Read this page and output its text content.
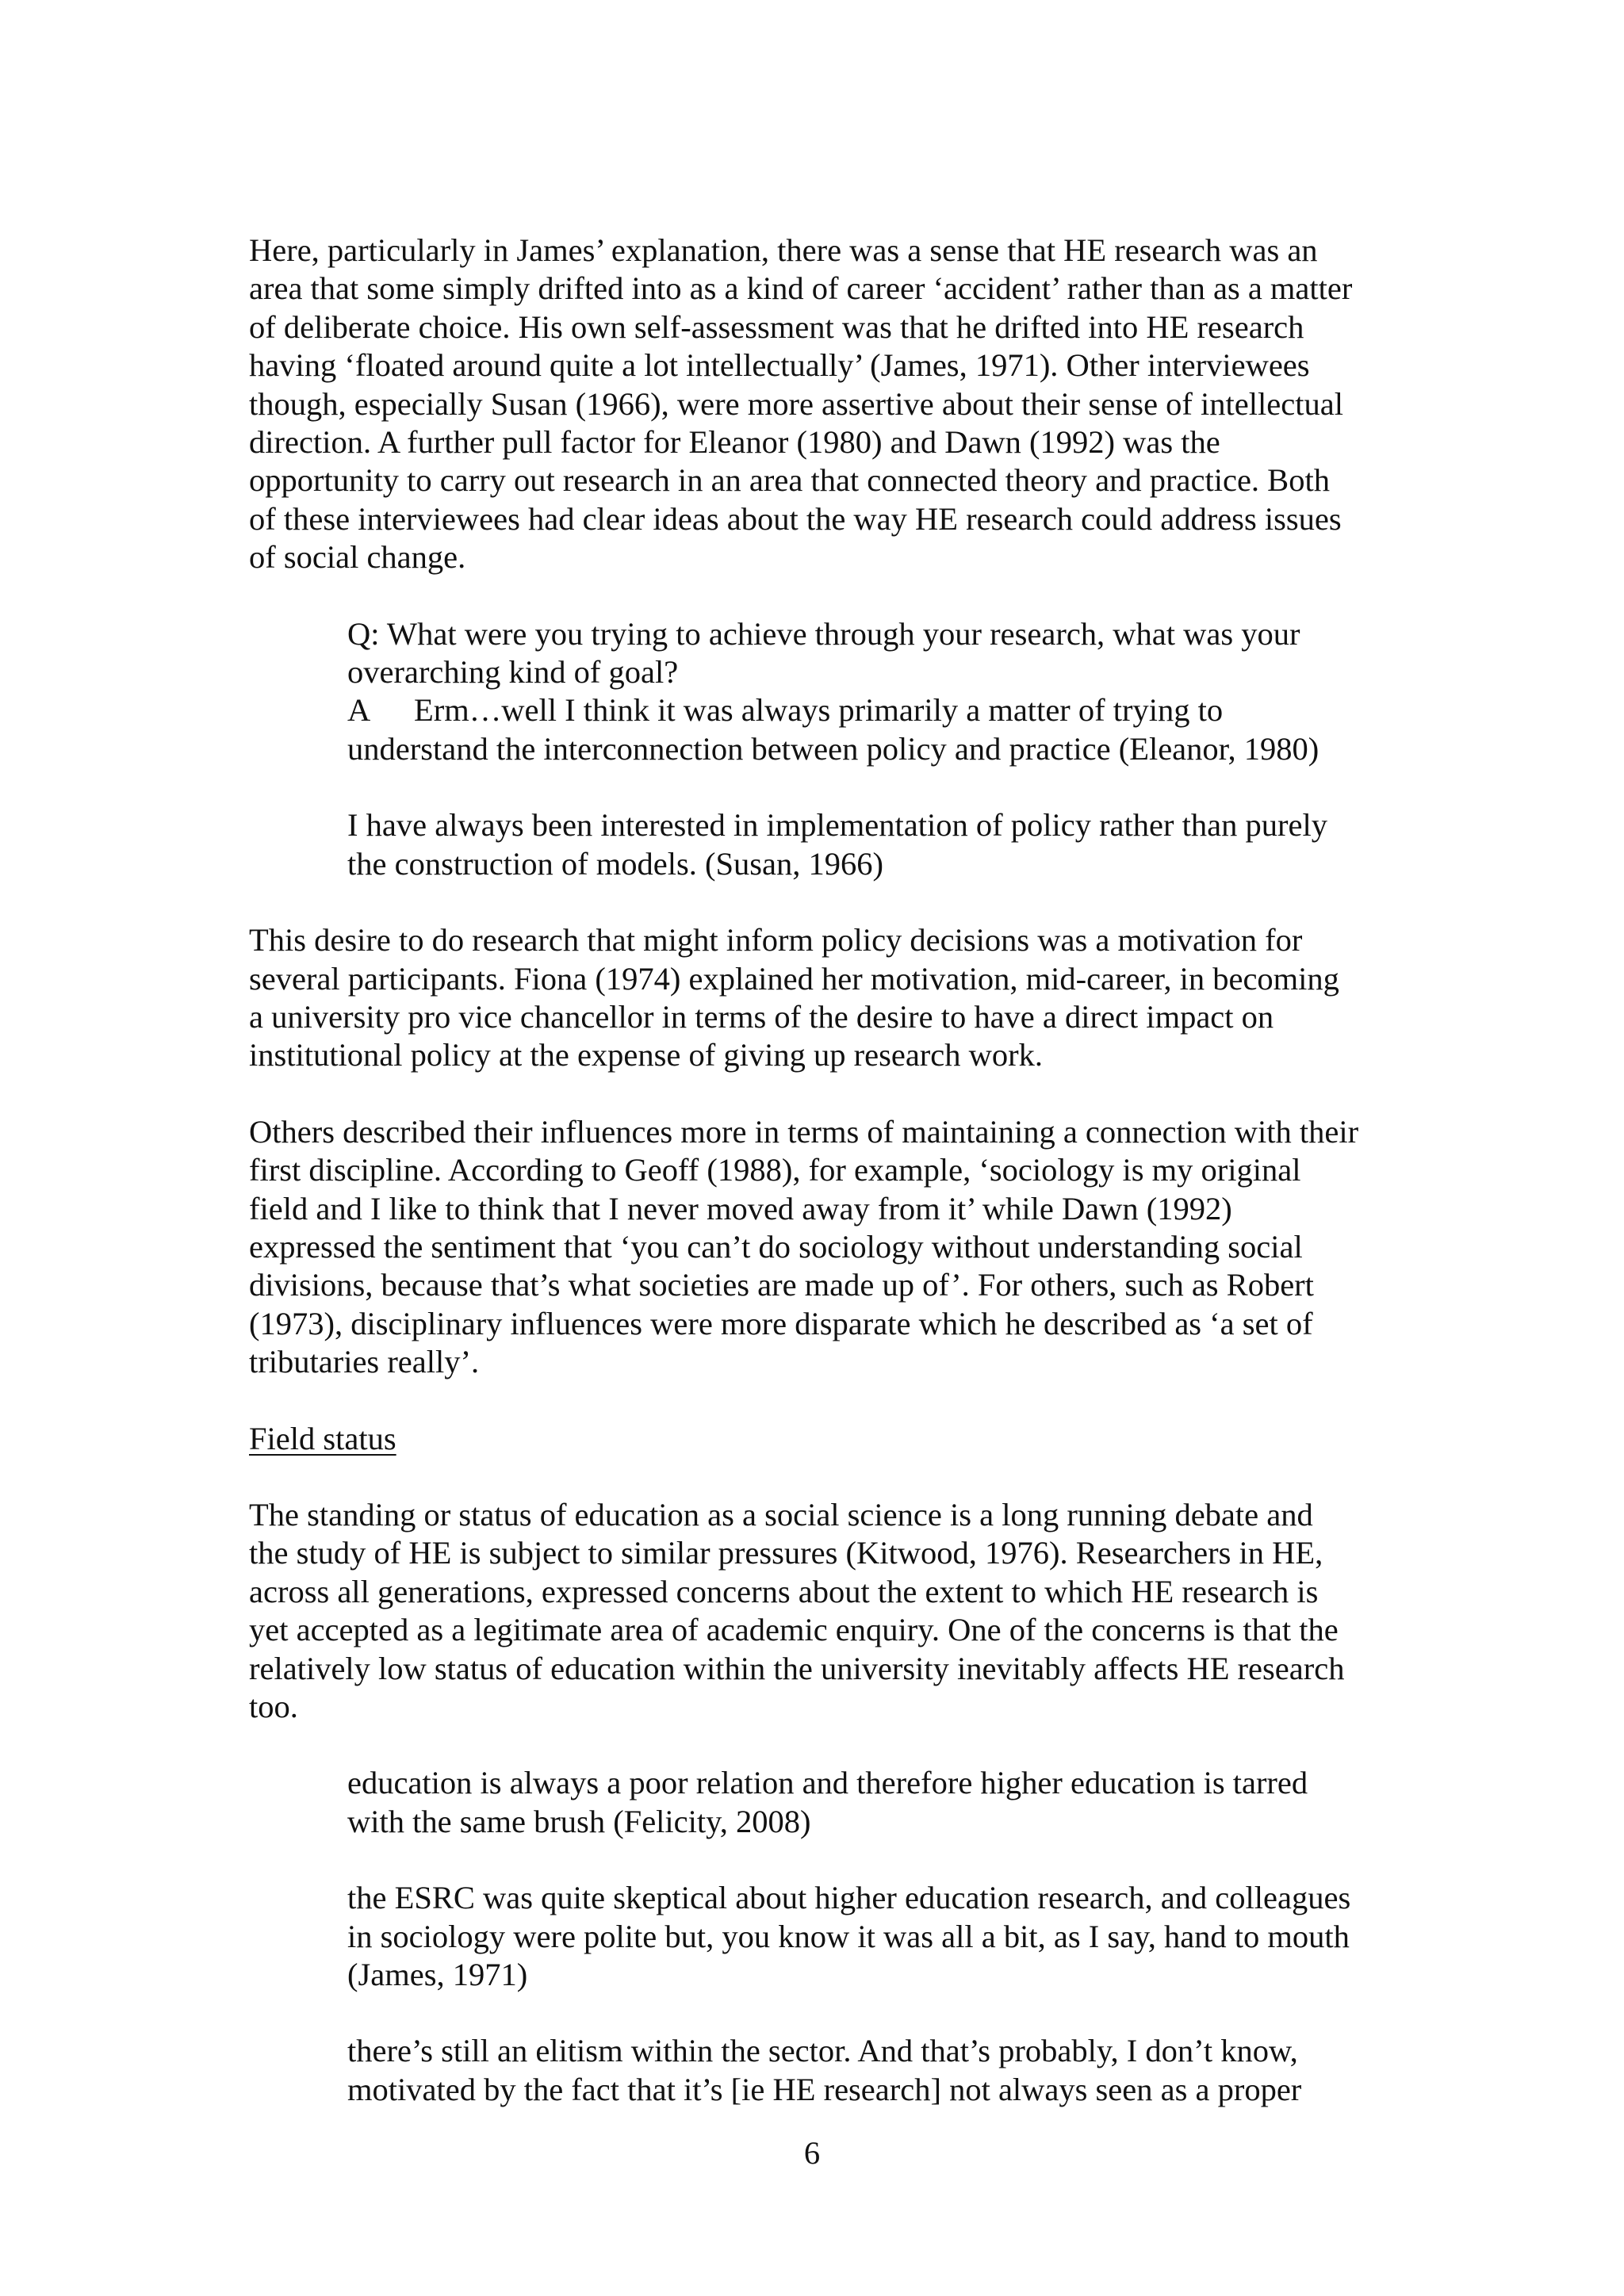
Here, particularly in James’ explanation, there was a sense that HE research was an
area that some simply drifted into as a kind of career ‘accident’ rather than as a matter
of deliberate choice. His own self-assessment was that he drifted into HE research
having ‘floated around quite a lot intellectually’ (James, 1971). Other interviewees
though, especially Susan (1966), were more assertive about their sense of intellectual
direction. A further pull factor for Eleanor (1980) and Dawn (1992) was the
opportunity to carry out research in an area that connected theory and practice. Both
of these interviewees had clear ideas about the way HE research could address issues
of social change.

Q: What were you trying to achieve through your research, what was your
overarching kind of goal?

A Erm…well I think it was always primarily a matter of trying to
understand the interconnection between policy and practice (Eleanor, 1980)

I have always been interested in implementation of policy rather than purely
the construction of models. (Susan, 1966)
This desire to do research that might inform policy decisions was a motivation for
several participants. Fiona (1974) explained her motivation, mid-career, in becoming
a university pro vice chancellor in terms of the desire to have a direct impact on
institutional policy at the expense of giving up research work.
Others described their influences more in terms of maintaining a connection with their
first discipline. According to Geoff (1988), for example, ‘sociology is my original
field and I like to think that I never moved away from it’ while Dawn (1992)
expressed the sentiment that ‘you can’t do sociology without understanding social
divisions, because that’s what societies are made up of’. For others, such as Robert
(1973), disciplinary influences were more disparate which he described as ‘a set of
tributaries really’.
Field status
The standing or status of education as a social science is a long running debate and
the study of HE is subject to similar pressures (Kitwood, 1976). Researchers in HE,
across all generations, expressed concerns about the extent to which HE research is
yet accepted as a legitimate area of academic enquiry. One of the concerns is that the
relatively low status of education within the university inevitably affects HE research
too.
education is always a poor relation and therefore higher education is tarred
with the same brush (Felicity, 2008)
the ESRC was quite skeptical about higher education research, and colleagues
in sociology were polite but, you know it was all a bit, as I say, hand to mouth
(James, 1971)
there’s still an elitism within the sector. And that’s probably, I don’t know,
motivated by the fact that it’s [ie HE research] not always seen as a proper
6
